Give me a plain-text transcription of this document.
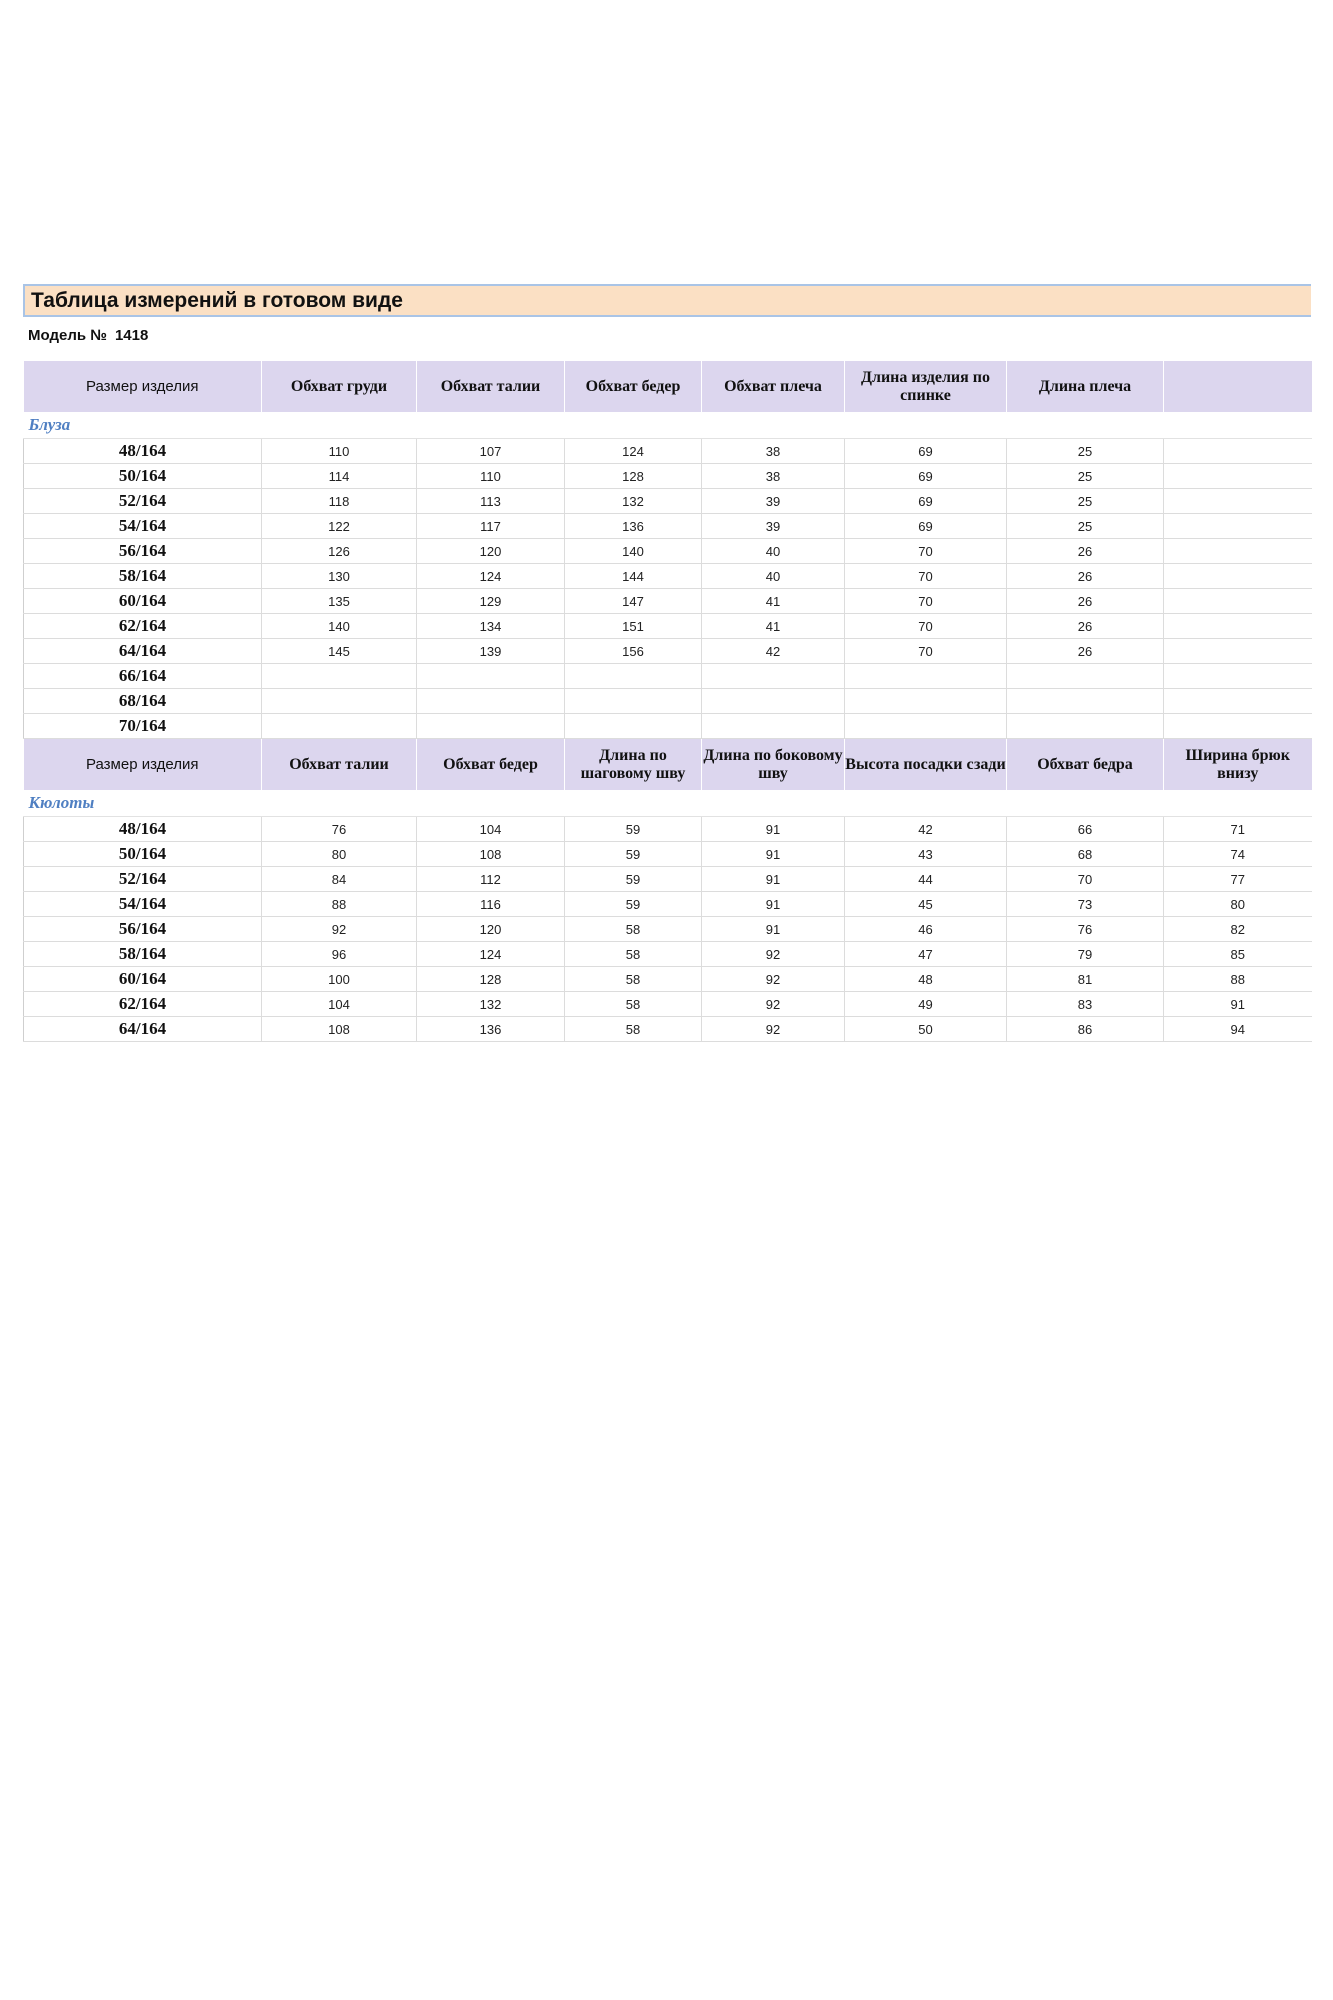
Таблица измерений в готовом виде
Модель № 1418
Размер изделия	Обхват груди	Обхват талии	Обхват бедер	Обхват плеча	Длина изделия по спинке	Длина плеча	
Блуза							
48/164	110	107	124	38	69	25	
50/164	114	110	128	38	69	25	
52/164	118	113	132	39	69	25	
54/164	122	117	136	39	69	25	
56/164	126	120	140	40	70	26	
58/164	130	124	144	40	70	26	
60/164	135	129	147	41	70	26	
62/164	140	134	151	41	70	26	
64/164	145	139	156	42	70	26	
66/164							
68/164							
70/164							
Размер изделия	Обхват талии	Обхват бедер	Длина по шаговому шву	Длина по боковому шву	Высота посадки сзади	Обхват бедра	Ширина брюк внизу
Кюлоты							
48/164	76	104	59	91	42	66	71
50/164	80	108	59	91	43	68	74
52/164	84	112	59	91	44	70	77
54/164	88	116	59	91	45	73	80
56/164	92	120	58	91	46	76	82
58/164	96	124	58	92	47	79	85
60/164	100	128	58	92	48	81	88
62/164	104	132	58	92	49	83	91
64/164	108	136	58	92	50	86	94
